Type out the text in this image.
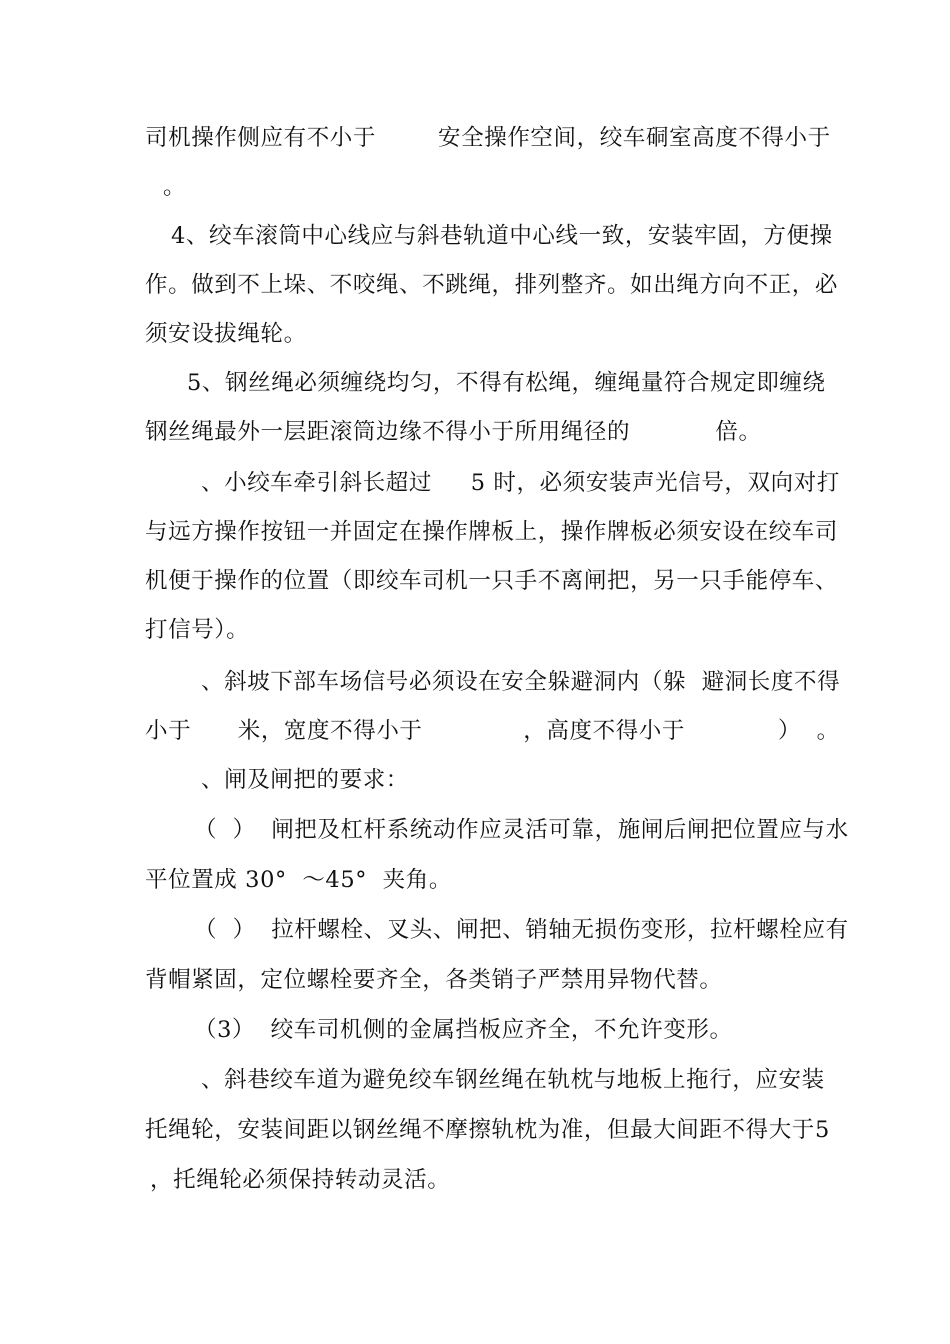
司机操作侧应有不小于        安全操作空间，绞车硐室高度不得小于
。
4、绞车滚筒中心线应与斜巷轨道中心线一致，安装牢固，方便操
作。做到不上垛、不咬绳、不跳绳，排列整齐。如出绳方向不正，必
须安设拔绳轮。
5、钢丝绳必须缠绕均匀，不得有松绳，缠绳量符合规定即缠绕
钢丝绳最外一层距滚筒边缘不得小于所用绳径的           倍。
、小绞车牵引斜长超过     5 时，必须安装声光信号，双向对打
与远方操作按钮一并固定在操作牌板上，操作牌板必须安设在绞车司
机便于操作的位置（即绞车司机一只手不离闸把，另一只手能停车、
打信号）。
、斜坡下部车场信号必须设在安全躲避洞内（躲  避洞长度不得
小于      米，宽度不得小于             ，高度不得小于            ）  。
、闸及闸把的要求：
（  ）  闸把及杠杆系统动作应灵活可靠，施闸后闸把位置应与水
平位置成 30°  ～45°  夹角。
（  ）  拉杆螺栓、叉头、闸把、销轴无损伤变形，拉杆螺栓应有
背帽紧固，定位螺栓要齐全，各类销子严禁用异物代替。
（3）  绞车司机侧的金属挡板应齐全，不允许变形。
、斜巷绞车道为避免绞车钢丝绳在轨枕与地板上拖行，应安装
托绳轮，安装间距以钢丝绳不摩擦轨枕为准，但最大间距不得大于 5
，托绳轮必须保持转动灵活。
